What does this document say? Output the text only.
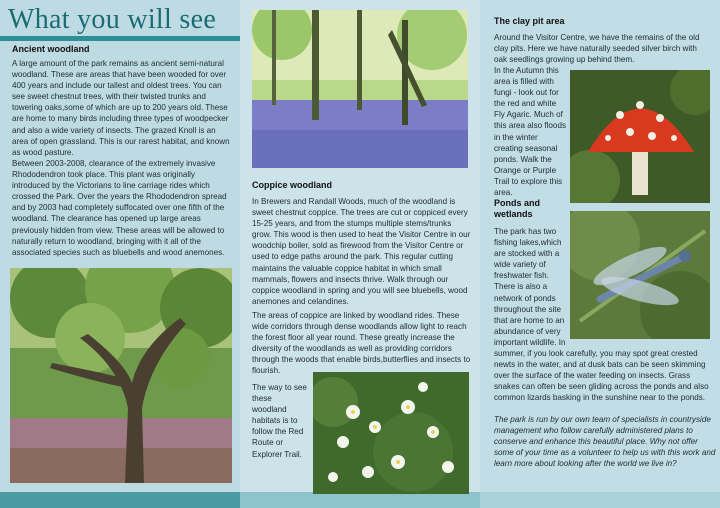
What you will see
Ancient woodland

A large amount of the park remains as ancient semi-natural woodland. These are areas that have been wooded for over 400 years and include our tallest and oldest trees. You can see sweet chestnut trees, with their twisted trunks and towering oaks,some of which are up to 200 years old. These are home to many birds including three types of woodpecker and also a wide variety of insects. The grazed Knoll is an area of open grassland. This is our rarest habitat, and known as wood pasture.

Between 2003-2008, clearance of the extremely invasive Rhododendron took place. This plant was originally introduced by the Victorians to line carriage rides which crossed the Park. Over the years the Rhododendron spread and by 2003 had completely suffocated over one fifth of the woodland. The clearance has opened up large areas previously hidden from view. These areas will be allowed to naturally return to woodland, bringing with it all of the associated species such as bluebells and wood anemones.

Coppice woodland

In Brewers and Randall Woods, much of the woodland is sweet chestnut coppice. The trees are cut or coppiced every 15-25 years, and from the stumps multiple stems/trunks grow. This wood is then used to heat the Visitor Centre in our woodchip boiler, sold as firewood from the Visitor Centre or used to edge paths around the park. This regular cutting maintains the valuable coppice habitat in which small mammals, flowers and insects thrive. Walk through our coppice woodland in spring and you will see bluebells, wood anemones and celandines.

The areas of coppice are linked by woodland rides. These wide corridors through dense woodlands allow light to reach the forest floor all year round. These greatly increase the diversity of the woodlands as well as providing corridors through the woods that enable birds,butterflies and insects to flourish.

The way to see these woodland habitats is to follow the Red Route or Explorer Trail.

The clay pit area

Around the Visitor Centre, we have the remains of the old clay pits. Here we have naturally seeded silver birch with oak seedlings growing up behind them.

In the Autumn this area is filled with fungi - look out for the red and white Fly Agaric. Much of this area also floods in the winter creating seasonal ponds. Walk the Orange or Purple Trail to explore this area.

Ponds and wetlands

The park has two fishing lakes,which are stocked with a wide variety of freshwater fish. There is also a network of ponds throughout the site that are home to an abundance of very important wildlife. In

summer, if you look carefully, you may spot great crested newts in the water, and at dusk bats can be seen skimming over the surface of the water feeding on insects. Grass snakes can often be seen gliding across the ponds and also common lizards basking in the sunshine near to the ponds.

The park is run by our own team of specialists in countryside management who follow carefully administered plans to conserve and enhance this beautiful place. Why not offer some of your time as a volunteer to help us with this work and learn more about looking after the world we live in?
